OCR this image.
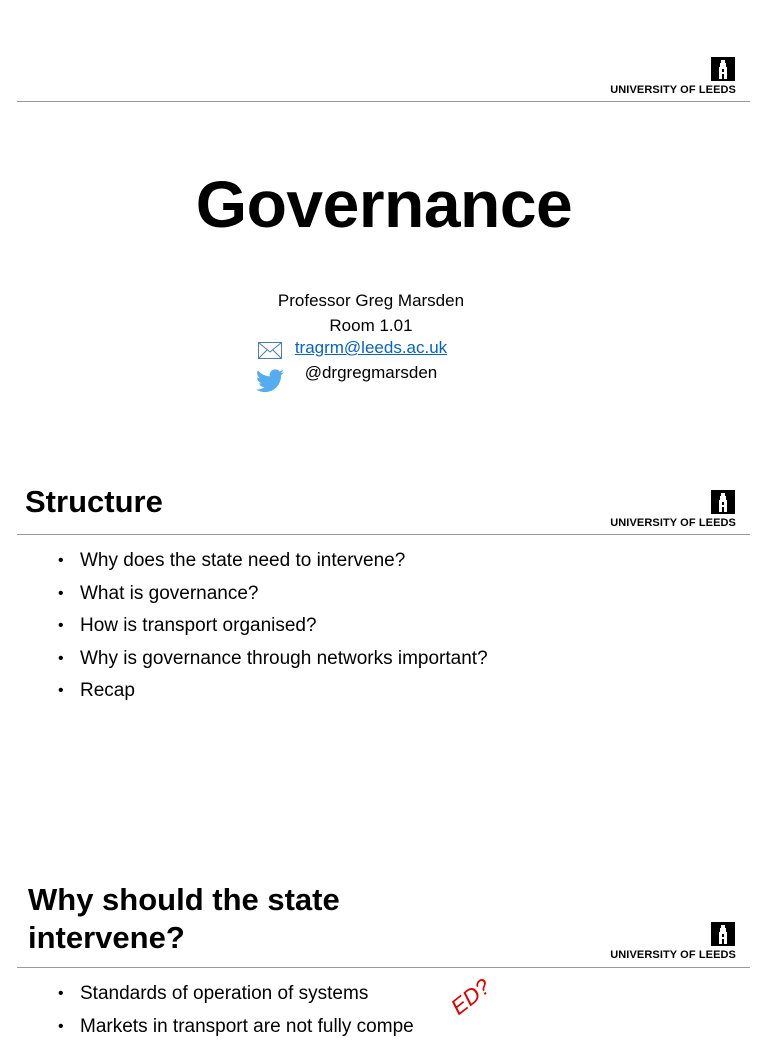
UNIVERSITY OF LEEDS
Governance
Professor Greg Marsden
Room 1.01
tragrm@leeds.ac.uk
@drgregmarsden
Structure
UNIVERSITY OF LEEDS
• Why does the state need to intervene?
• What is governance?
• How is transport organised?
• Why is governance through networks important?
• Recap
Why should the state
intervene?	UNIVERSITY OF LEEDS
• Standards of operation of systems
• Markets in transport are not fully compe
ED?
